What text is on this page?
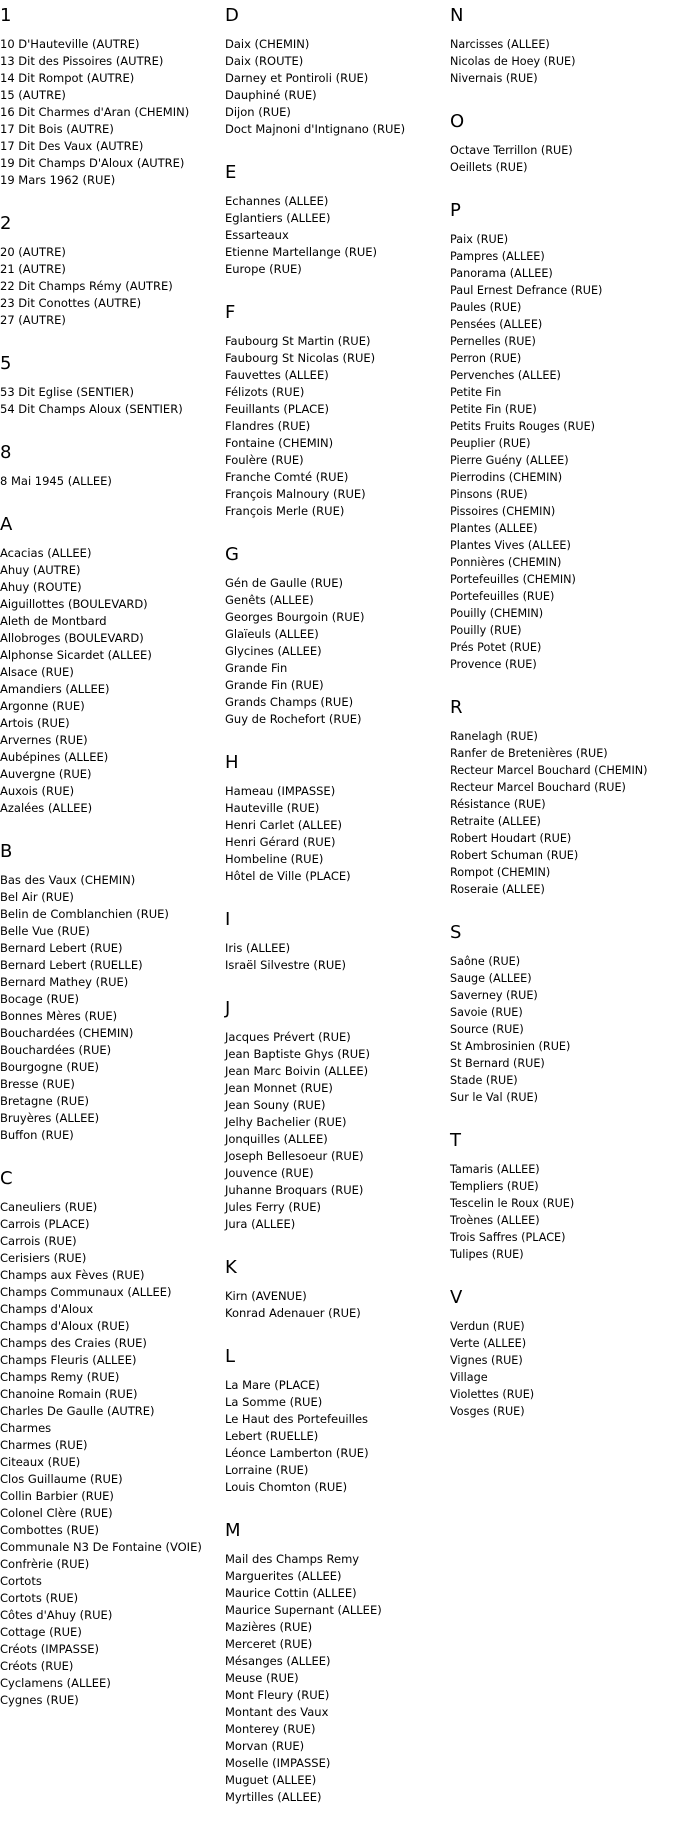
1
10 D'Hauteville (AUTRE)
13 Dit des Pissoires (AUTRE)
14 Dit Rompot (AUTRE)
15 (AUTRE)
16 Dit Charmes d'Aran (CHEMIN)
17 Dit Bois (AUTRE)
17 Dit Des Vaux (AUTRE)
19 Dit Champs D'Aloux (AUTRE)
19 Mars 1962 (RUE)
2
20 (AUTRE)
21 (AUTRE)
22 Dit Champs Rémy (AUTRE)
23 Dit Conottes (AUTRE)
27 (AUTRE)
5
53 Dit Eglise (SENTIER)
54 Dit Champs Aloux (SENTIER)
8
8 Mai 1945 (ALLEE)
A
Acacias (ALLEE)
Ahuy (AUTRE)
Ahuy (ROUTE)
Aiguillottes (BOULEVARD)
Aleth de Montbard
Allobroges (BOULEVARD)
Alphonse Sicardet (ALLEE)
Alsace (RUE)
Amandiers (ALLEE)
Argonne (RUE)
Artois (RUE)
Arvernes (RUE)
Aubépines (ALLEE)
Auvergne (RUE)
Auxois (RUE)
Azalées (ALLEE)
B
Bas des Vaux (CHEMIN)
Bel Air (RUE)
Belin de Comblanchien (RUE)
Belle Vue (RUE)
Bernard Lebert (RUE)
Bernard Lebert (RUELLE)
Bernard Mathey (RUE)
Bocage (RUE)
Bonnes Mères (RUE)
Bouchardées (CHEMIN)
Bouchardées (RUE)
Bourgogne (RUE)
Bresse (RUE)
Bretagne (RUE)
Bruyères (ALLEE)
Buffon (RUE)
C
Caneuliers (RUE)
Carrois (PLACE)
Carrois (RUE)
Cerisiers (RUE)
Champs aux Fèves (RUE)
Champs Communaux (ALLEE)
Champs d'Aloux
Champs d'Aloux (RUE)
Champs des Craies (RUE)
Champs Fleuris (ALLEE)
Champs Remy (RUE)
Chanoine Romain (RUE)
Charles De Gaulle (AUTRE)
Charmes
Charmes (RUE)
Citeaux (RUE)
Clos Guillaume (RUE)
Collin Barbier (RUE)
Colonel Clère (RUE)
Combottes (RUE)
Communale N3 De Fontaine (VOIE)
Confrèrie (RUE)
Cortots
Cortots (RUE)
Côtes d'Ahuy (RUE)
Cottage (RUE)
Créots (IMPASSE)
Créots (RUE)
Cyclamens (ALLEE)
Cygnes (RUE)
D
Daix (CHEMIN)
Daix (ROUTE)
Darney et Pontiroli (RUE)
Dauphiné (RUE)
Dijon (RUE)
Doct Majnoni d'Intignano (RUE)
E
Echannes (ALLEE)
Eglantiers (ALLEE)
Essarteaux
Etienne Martellange (RUE)
Europe (RUE)
F
Faubourg St Martin (RUE)
Faubourg St Nicolas (RUE)
Fauvettes (ALLEE)
Félizots (RUE)
Feuillants (PLACE)
Flandres (RUE)
Fontaine (CHEMIN)
Foulère (RUE)
Franche Comté (RUE)
François Malnoury (RUE)
François Merle (RUE)
G
Gén de Gaulle (RUE)
Genêts (ALLEE)
Georges Bourgoin (RUE)
Glaïeuls (ALLEE)
Glycines (ALLEE)
Grande Fin
Grande Fin (RUE)
Grands Champs (RUE)
Guy de Rochefort (RUE)
H
Hameau (IMPASSE)
Hauteville (RUE)
Henri Carlet (ALLEE)
Henri Gérard (RUE)
Hombeline (RUE)
Hôtel de Ville (PLACE)
I
Iris (ALLEE)
Israël Silvestre (RUE)
J
Jacques Prévert (RUE)
Jean Baptiste Ghys (RUE)
Jean Marc Boivin (ALLEE)
Jean Monnet (RUE)
Jean Souny (RUE)
Jelhy Bachelier (RUE)
Jonquilles (ALLEE)
Joseph Bellesoeur (RUE)
Jouvence (RUE)
Juhanne Broquars (RUE)
Jules Ferry (RUE)
Jura (ALLEE)
K
Kirn (AVENUE)
Konrad Adenauer (RUE)
L
La Mare (PLACE)
La Somme (RUE)
Le Haut des Portefeuilles
Lebert (RUELLE)
Léonce Lamberton (RUE)
Lorraine (RUE)
Louis Chomton (RUE)
M
Mail des Champs Remy
Marguerites (ALLEE)
Maurice Cottin (ALLEE)
Maurice Supernant (ALLEE)
Mazières (RUE)
Merceret (RUE)
Mésanges (ALLEE)
Meuse (RUE)
Mont Fleury (RUE)
Montant des Vaux
Monterey (RUE)
Morvan (RUE)
Moselle (IMPASSE)
Muguet (ALLEE)
Myrtilles (ALLEE)
N
Narcisses (ALLEE)
Nicolas de Hoey (RUE)
Nivernais (RUE)
O
Octave Terrillon (RUE)
Oeillets (RUE)
P
Paix (RUE)
Pampres (ALLEE)
Panorama (ALLEE)
Paul Ernest Defrance (RUE)
Paules (RUE)
Pensées (ALLEE)
Pernelles (RUE)
Perron (RUE)
Pervenches (ALLEE)
Petite Fin
Petite Fin (RUE)
Petits Fruits Rouges (RUE)
Peuplier (RUE)
Pierre Guény (ALLEE)
Pierrodins (CHEMIN)
Pinsons (RUE)
Pissoires (CHEMIN)
Plantes (ALLEE)
Plantes Vives (ALLEE)
Ponnières (CHEMIN)
Portefeuilles (CHEMIN)
Portefeuilles (RUE)
Pouilly (CHEMIN)
Pouilly (RUE)
Prés Potet (RUE)
Provence (RUE)
R
Ranelagh (RUE)
Ranfer de Bretenières (RUE)
Recteur Marcel Bouchard (CHEMIN)
Recteur Marcel Bouchard (RUE)
Résistance (RUE)
Retraite (ALLEE)
Robert Houdart (RUE)
Robert Schuman (RUE)
Rompot (CHEMIN)
Roseraie (ALLEE)
S
Saône (RUE)
Sauge (ALLEE)
Saverney (RUE)
Savoie (RUE)
Source (RUE)
St Ambrosinien (RUE)
St Bernard (RUE)
Stade (RUE)
Sur le Val (RUE)
T
Tamaris (ALLEE)
Templiers (RUE)
Tescelin le Roux (RUE)
Troènes (ALLEE)
Trois Saffres (PLACE)
Tulipes (RUE)
V
Verdun (RUE)
Verte (ALLEE)
Vignes (RUE)
Village
Violettes (RUE)
Vosges (RUE)
